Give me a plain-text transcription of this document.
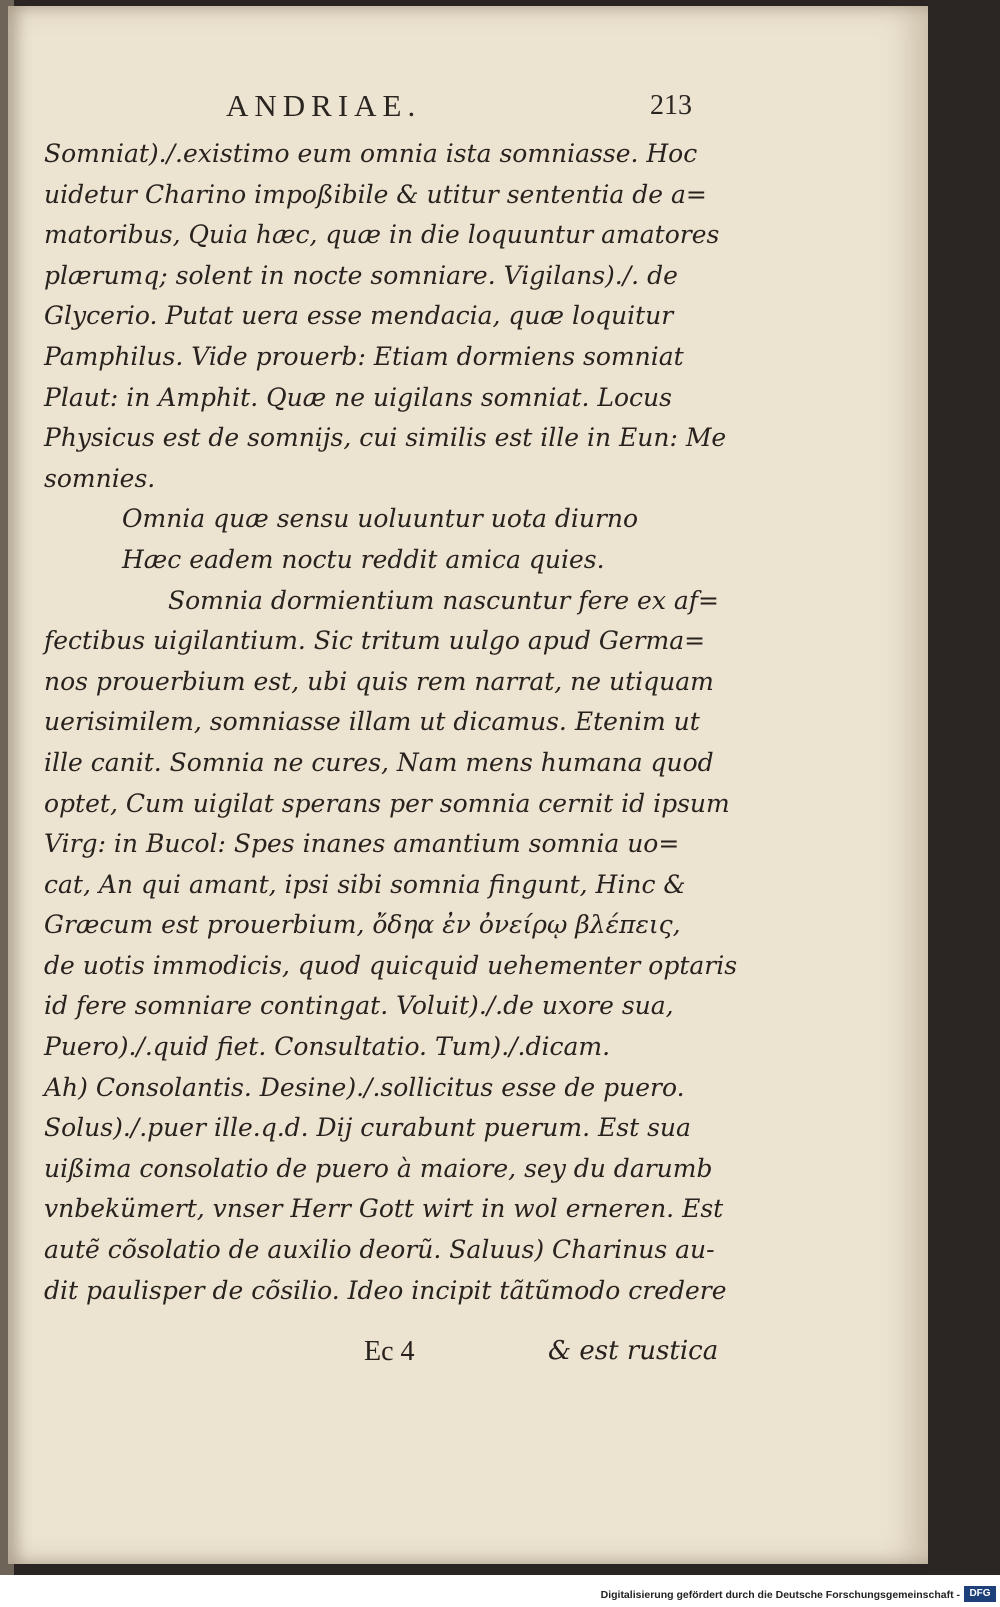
ANDRIAE.	213
Somniat)./.existimo eum omnia ista somniasse. Hoc
uidetur Charino impoßibile & utitur sententia de a=
matoribus, Quia hæc, quæ in die loquuntur amatores
plærumq; solent in nocte somniare. Vigilans)./. de
Glycerio. Putat uera esse mendacia, quæ loquitur
Pamphilus. Vide prouerb: Etiam dormiens somniat
Plaut: in Amphit. Quæ ne uigilans somniat. Locus
Physicus est de somnijs, cui similis est ille in Eun: Me
somnies.
Omnia quæ sensu uoluuntur uota diurno
Hæc eadem noctu reddit amica quies.
Somnia dormientium nascuntur fere ex af=
fectibus uigilantium. Sic tritum uulgo apud Germa=
nos prouerbium est, ubi quis rem narrat, ne utiquam
uerisimilem, somniasse illam ut dicamus. Etenim ut
ille canit. Somnia ne cures, Nam mens humana quod
optet, Cum uigilat sperans per somnia cernit id ipsum
Virg: in Bucol: Spes inanes amantium somnia uo=
cat, An qui amant, ipsi sibi somnia fingunt, Hinc &
Græcum est prouerbium, ὄδηα ἐν ὀνείρῳ βλέπεις,
de uotis immodicis, quod quicquid uehementer optaris
id fere somniare contingat. Voluit)./.de uxore sua,
Puero)./.quid fiet. Consultatio. Tum)./.dicam.
Ah) Consolantis. Desine)./.sollicitus esse de puero.
Solus)./.puer ille.q.d. Dij curabunt puerum. Est sua
uißima consolatio de puero à maiore, sey du darumb
vnbekümert, vnser Herr Gott wirt in wol erneren. Est
autẽ cõsolatio de auxilio deorũ. Saluus) Charinus au-
dit paulisper de cõsilio. Ideo incipit tãtũmodo credere
Ec 4	& est rustica
Digitalisierung gefördert durch die Deutsche Forschungsgemeinschaft - DFG
